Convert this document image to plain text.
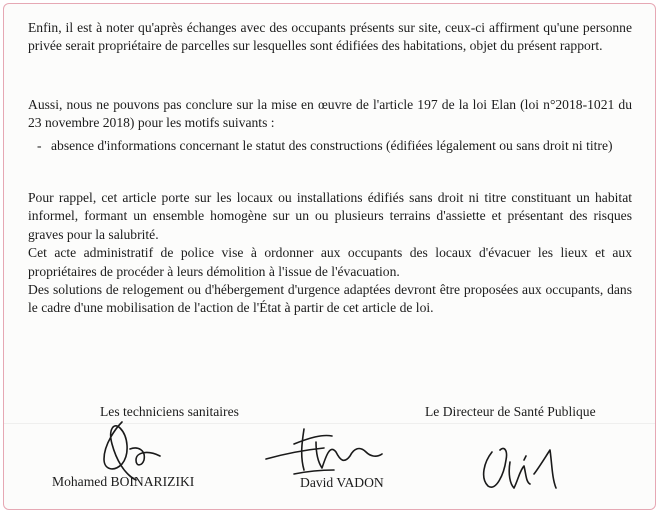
Enfin, il est à noter qu'après échanges avec des occupants présents sur site, ceux-ci affirment qu'une personne privée serait propriétaire de parcelles sur lesquelles sont édifiées des habitations, objet du présent rapport.

Aussi, nous ne pouvons pas conclure sur la mise en œuvre de l'article 197 de la loi Elan (loi n°2018-1021 du 23 novembre 2018) pour les motifs suivants :

- absence d'informations concernant le statut des constructions (édifiées légalement ou sans droit ni titre)
Pour rappel, cet article porte sur les locaux ou installations édifiés sans droit ni titre constituant un habitat informel, formant un ensemble homogène sur un ou plusieurs terrains d'assiette et présentant des risques graves pour la salubrité.
Cet acte administratif de police vise à ordonner aux occupants des locaux d'évacuer les lieux et aux propriétaires de procéder à leurs démolition à l'issue de l'évacuation.
Des solutions de relogement ou d'hébergement d'urgence adaptées devront être proposées aux occupants, dans le cadre d'une mobilisation de l'action de l'État à partir de cet article de loi.
Les techniciens sanitaires	Le Directeur de Santé Publique
Mohamed BOINARIZIKI	David VADON
